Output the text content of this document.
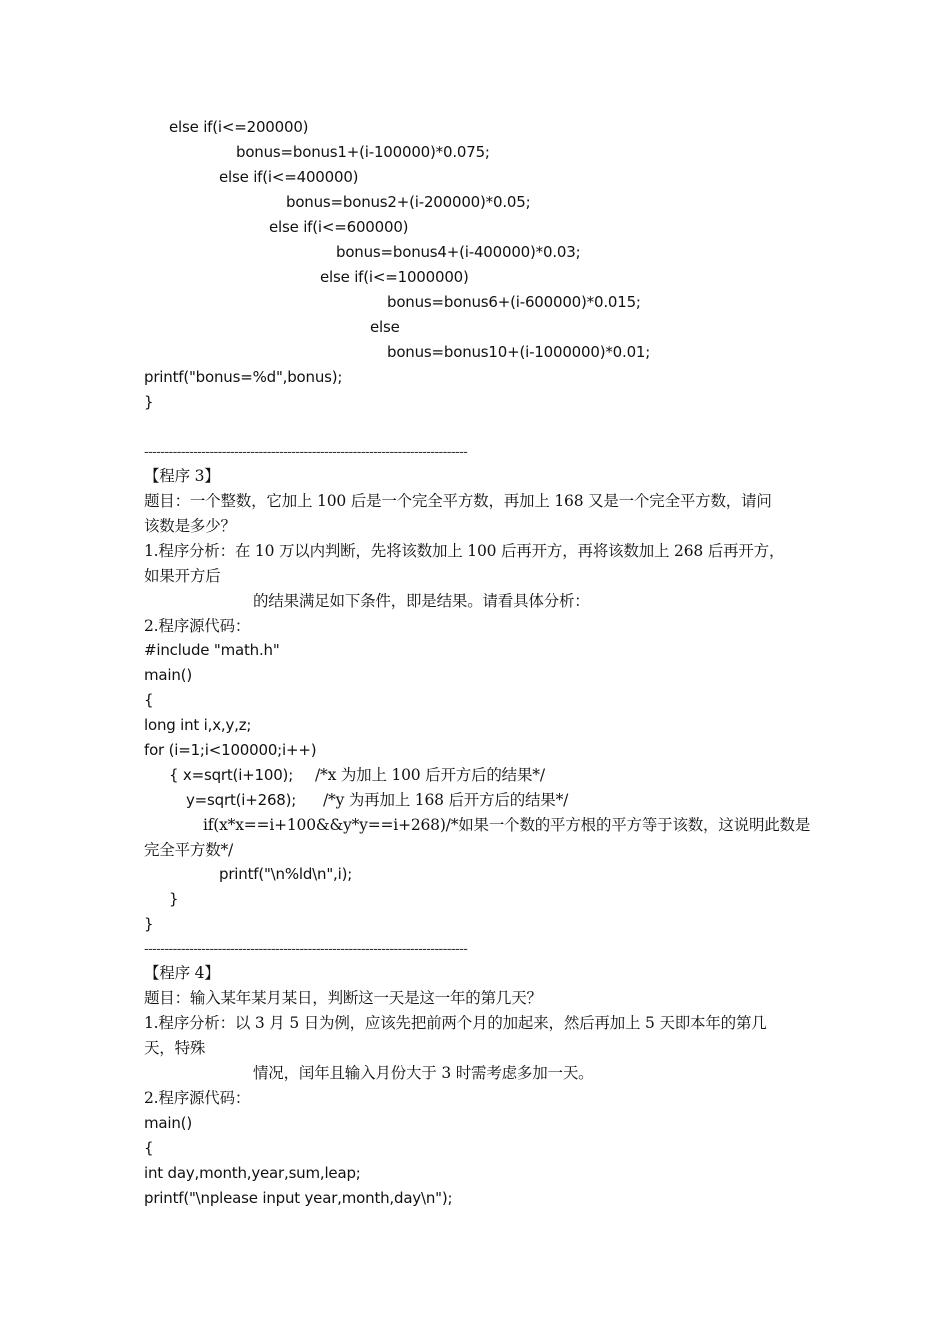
else if(i<=200000)
bonus=bonus1+(i-100000)*0.075;
else if(i<=400000)
bonus=bonus2+(i-200000)*0.05;
else if(i<=600000)
bonus=bonus4+(i-400000)*0.03;
else if(i<=1000000)
bonus=bonus6+(i-600000)*0.015;
else
bonus=bonus10+(i-1000000)*0.01;
printf("bonus=%d",bonus);
}
-------------------------------------------------------------------------------
【程序 3】
题目：一个整数，它加上 100 后是一个完全平方数，再加上 168 又是一个完全平方数，请问
该数是多少？
1.程序分析：在 10 万以内判断，先将该数加上 100 后再开方，再将该数加上 268 后再开方，
如果开方后
的结果满足如下条件，即是结果。请看具体分析：
2.程序源代码：
#include "math.h"
main()
{
long int i,x,y,z;
for (i=1;i<100000;i++)
{ x=sqrt(i+100); /*x 为加上 100 后开方后的结果*/
y=sqrt(i+268); /*y 为再加上 168 后开方后的结果*/
if(x*x==i+100&&y*y==i+268)/*如果一个数的平方根的平方等于该数，这说明此数是
完全平方数*/
printf("\n%ld\n",i);
}
}
-------------------------------------------------------------------------------
【程序 4】
题目：输入某年某月某日，判断这一天是这一年的第几天？
1.程序分析：以 3 月 5 日为例，应该先把前两个月的加起来，然后再加上 5 天即本年的第几
天，特殊
情况，闰年且输入月份大于 3 时需考虑多加一天。
2.程序源代码：
main()
{
int day,month,year,sum,leap;
printf("\nplease input year,month,day\n");
